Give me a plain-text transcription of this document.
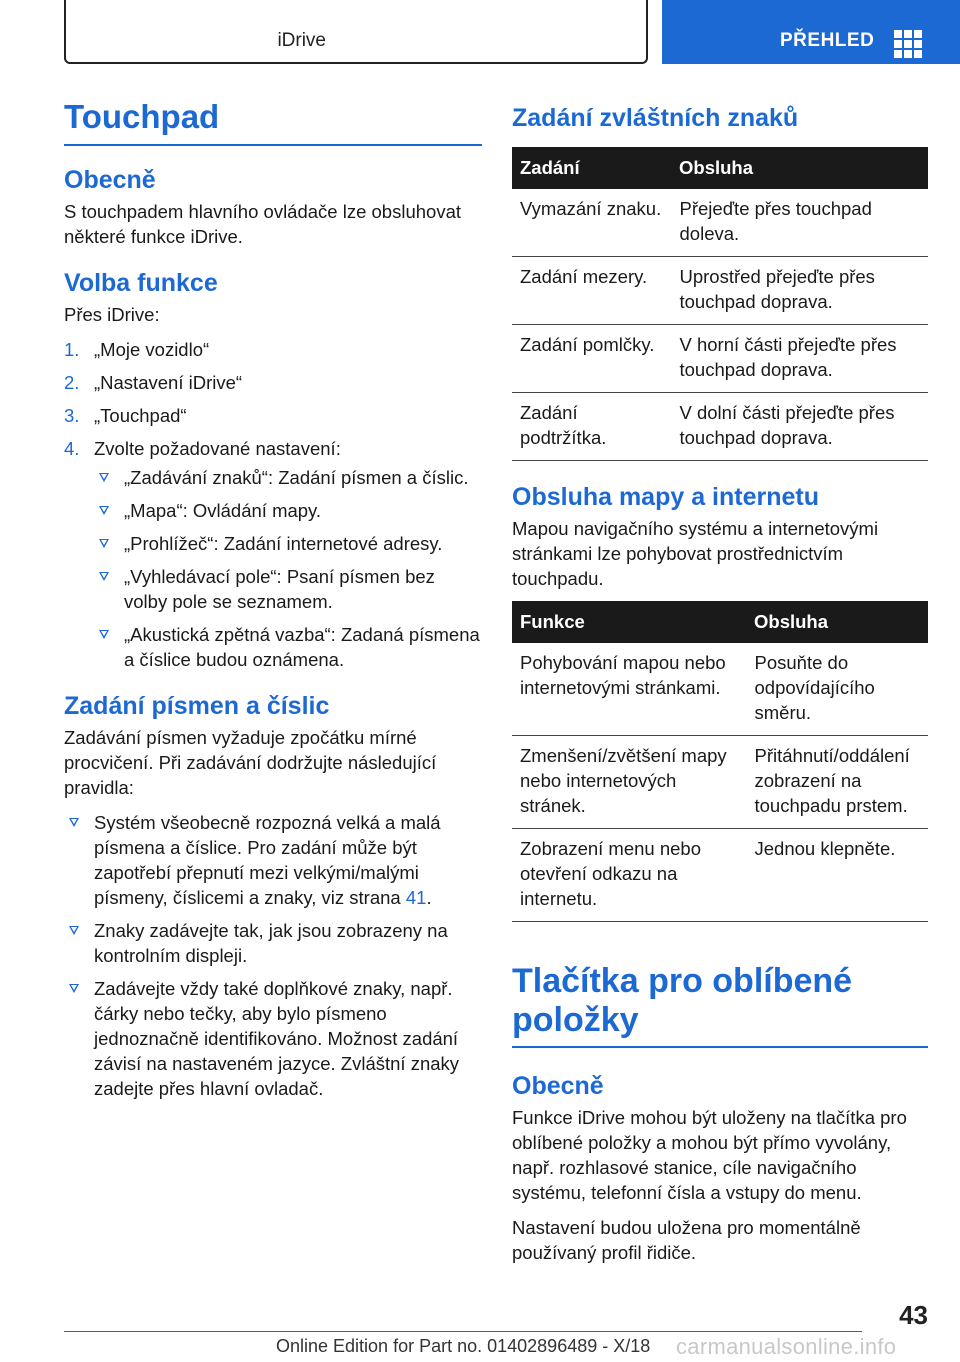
iDrive	PŘEHLED
Touchpad
Obecně

S touchpadem hlavního ovládače lze obsluhovat některé funkce iDrive.

Volba funkce

Přes iDrive:

1. „Moje vozidlo“
2. „Nastavení iDrive“
3. „Touchpad“
4. Zvolte požadované nastavení:
„Zadávání znaků“: Zadání písmen a číslic.
„Mapa“: Ovládání mapy.
„Prohlížeč“: Zadání internetové adresy.
„Vyhledávací pole“: Psaní písmen bez volby pole se seznamem.
„Akustická zpětná vazba“: Zadaná písmena a číslice budou oznámena.
Zadání písmen a číslic

Zadávání písmen vyžaduje zpočátku mírné procvičení. Při zadávání dodržujte následující pravidla:

Systém všeobecně rozpozná velká a malá písmena a číslice. Pro zadání může být zapotřebí přepnutí mezi velkými/malými písmeny, číslicemi a znaky, viz strana 41.
Znaky zadávejte tak, jak jsou zobrazeny na kontrolním displeji.
Zadávejte vždy také doplňkové znaky, např. čárky nebo tečky, aby bylo písmeno jednoznačně identifikováno. Možnost zadání závisí na nastaveném jazyce. Zvláštní znaky zadejte přes hlavní ovladač.
Zadání zvláštních znaků
Zadání	Obsluha
Vymazání znaku.	Přejeďte přes touchpad doleva.
Zadání mezery.	Uprostřed přejeďte přes touchpad doprava.
Zadání pomlčky.	V horní části přejeďte přes touchpad doprava.
Zadání podtržítka.	V dolní části přejeďte přes touchpad doprava.
Obsluha mapy a internetu

Mapou navigačního systému a internetovými stránkami lze pohybovat prostřednictvím touchpadu.

Funkce	Obsluha
Pohybování mapou nebo internetovými stránkami.	Posuňte do odpovídajícího směru.
Zmenšení/zvětšení mapy nebo internetových stránek.	Přitáhnutí/oddálení zobrazení na touchpadu prstem.
Zobrazení menu nebo otevření odkazu na internetu.	Jednou klepněte.
Tlačítka pro oblíbené položky
Obecně

Funkce iDrive mohou být uloženy na tlačítka pro oblíbené položky a mohou být přímo vyvolány, např. rozhlasové stanice, cíle navigačního systému, telefonní čísla a vstupy do menu.

Nastavení budou uložena pro momentálně používaný profil řidiče.

43
Online Edition for Part no. 01402896489 - X/18 carmanualsonline.info
